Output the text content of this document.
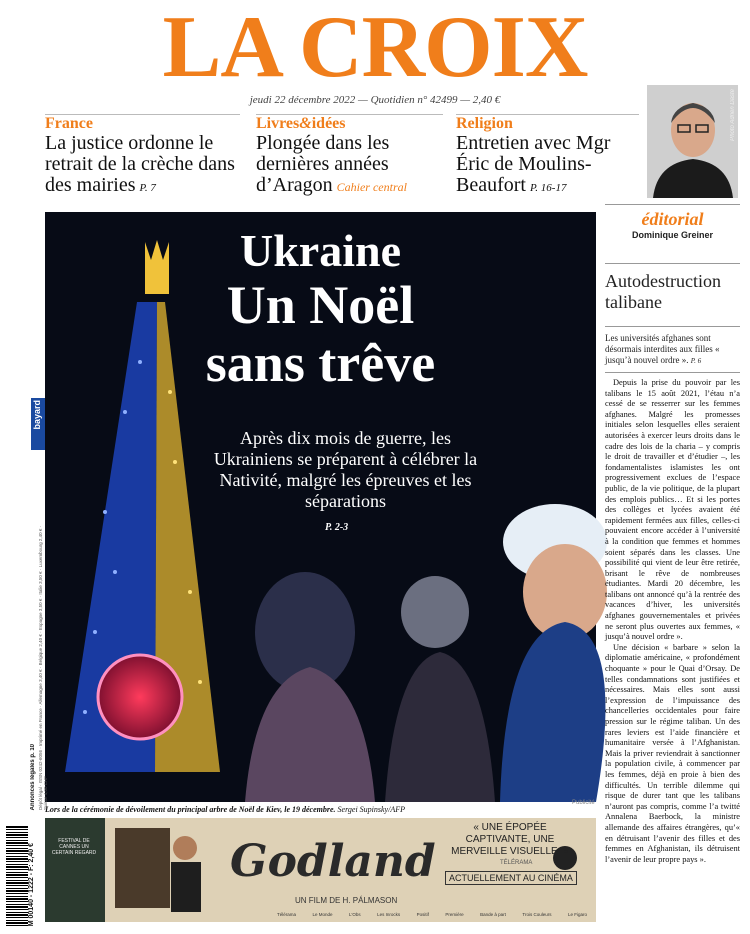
LA CROIX
jeudi 22 décembre 2022 — Quotidien n° 42499 — 2,40 €
France
La justice ordonne le retrait de la crèche dans des mairies P. 7
Livres&idées
Plongée dans les dernières années d’Aragon Cahier central
Religion
Entretien avec Mgr Éric de Moulins-Beaufort P. 16-17
Photo Adrien Daste
Ukraine
Un Noël
sans trêve
Après dix mois de guerre, les Ukrainiens se préparent à célébrer la Nativité, malgré les épreuves et les séparations
P. 2-3
Lors de la cérémonie de dévoilement du principal arbre de Noël de Kiev, le 19 décembre. Sergei Supinsky/AFP
Publicité
FESTIVAL DE CANNES UN CERTAIN REGARD	Godland
UN FILM DE H. PÁLMASON
« UNE ÉPOPÉE CAPTIVANTE, UNE MERVEILLE VISUELLE. »
TÉLÉRAMA
ACTUELLEMENT AU CINÉMA
Télérama	Le Monde	L'Obs	Les Inrocks	Positif	Première	Bande à part	Trois Couleurs	Le Figaro
éditorial
Dominique Greiner
Autodestruction talibane
Les universités afghanes sont désormais interdites aux filles « jusqu’à nouvel ordre ». P. 6

Depuis la prise du pouvoir par les talibans le 15 août 2021, l’étau n’a cessé de se resserrer sur les femmes afghanes. Malgré les promesses initiales selon lesquelles elles seraient autorisées à exercer leurs droits dans le cadre des lois de la charia – y compris le droit de travailler et d’étudier –, les fondamentalistes islamistes les ont progressivement exclues de l’espace public, de la vie politique, de la plupart des emplois publics… Et si les portes des collèges et lycées avaient été rapidement fermées aux filles, celles-ci pouvaient encore accéder à l’université à la condition que femmes et hommes soient séparés dans les classes. Une possibilité qui vient de leur être retirée, brisant le rêve de nombreuses étudiantes. Mardi 20 décembre, les talibans ont annoncé qu’à la rentrée des vacances d’hiver, les universités afghanes gouvernementales et privées ne seront plus ouvertes aux femmes, « jusqu’à nouvel ordre ».

Une décision « barbare » selon la diplomatie américaine, « profondément choquante » pour le Quai d’Orsay. De telles condamnations sont justifiées et nécessaires. Mais elles sont aussi l’expression de l’impuissance des chancelleries occidentales pour faire pression sur le régime taliban. Un des rares leviers est l’aide financière et humanitaire versée à l’Afghanistan. Mais la priver reviendrait à sanctionner la population civile, à commencer par les femmes, déjà en proie à bien des difficultés. Un terrible dilemme qui risque de durer tant que les talibans n’auront pas compris, comme l’a twitté Annalena Baerbock, la ministre allemande des affaires étrangères, qu’« en détruisant l’avenir des filles et des femmes en Afghanistan, ils détruisent l’avenir de leur propre pays ».

bayard
Annonces légales p. 10 Dépôt légal · ISSN 0242-6056 · Imprimé en France · Allemagne 3,40 € · Belgique 2,40 € · Espagne 3,50 € · Italie 3,50 € · Luxembourg 2,40 € · Suisse 4,00 CHF
M 00140 - 1222 - F: 2,40 €
